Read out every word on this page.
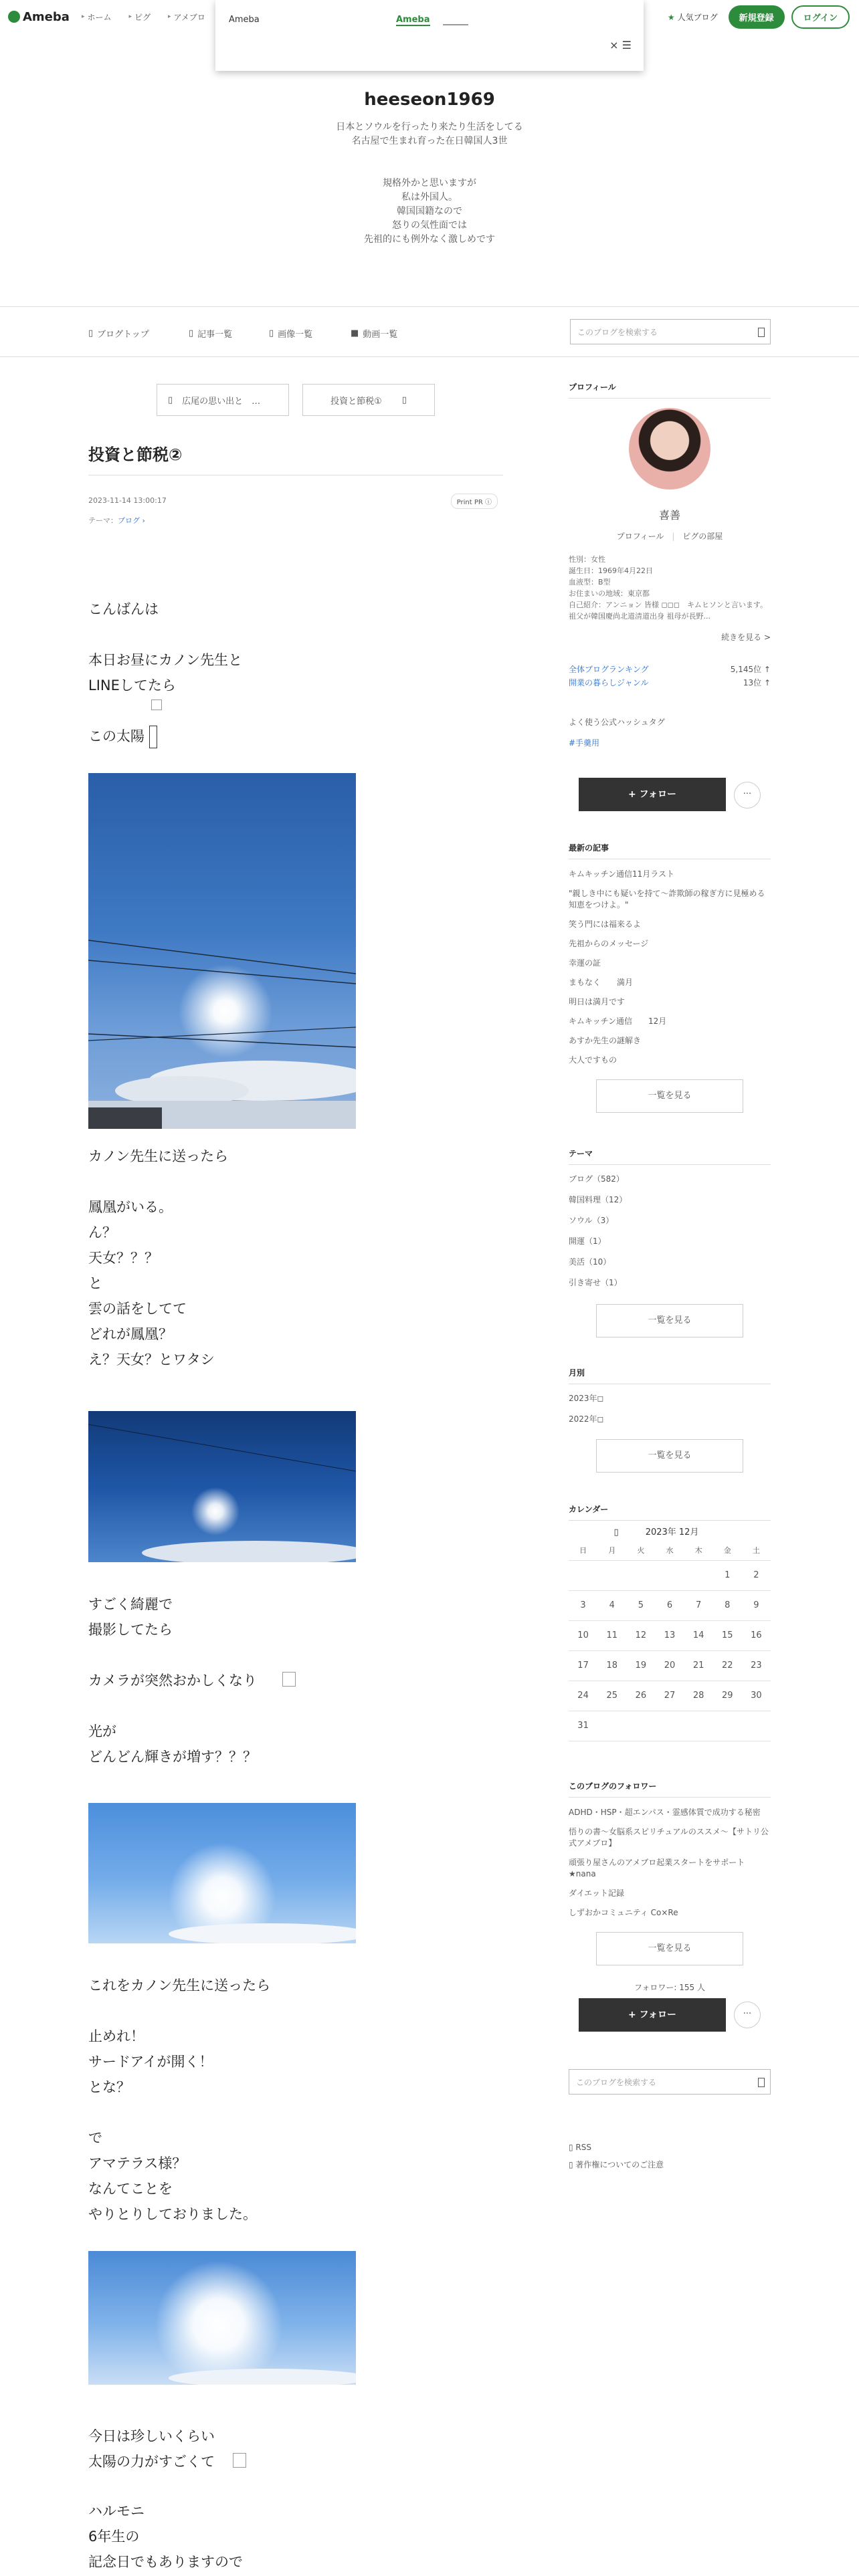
Ameba	▸ ホーム	▸ ピグ	▸ アメブロ	★ 人気ブログ	新規登録	ログイン
Ameba	Ameba
× ☰
heeseon1969
日本とソウルを行ったり来たり生活をしてる
名古屋で生まれ育った在日韓国人3世

規格外かと思いますが
私は外国人。
韓国国籍なので
怒りの気性面では
先祖的にも例外なく激しめです
▯ ブログトップ	▯ 記事一覧	▯ 画像一覧	■ 動画一覧	このブログを検索する
▯ 広尾の思い出と　…	投資と節税① ▯
投資と節税②
2023-11-14 13:00:17	Print PR ⓘ
テーマ：ブログ ›
こんばんは

本日お昼にカノン先生と
LINEしてたら
この太陽
カノン先生に送ったら

鳳凰がいる。
ん？
天女？？？
と
雲の話をしてて
どれが鳳凰？
え？天女？とワタシ
すごく綺麗で
撮影してたら

カメラが突然おかしくなり
光が
どんどん輝きが増す？？？
これをカノン先生に送ったら

止めれ！
サードアイが開く！
とな？

で
アマテラス様？
なんてことを
やりとりしておりました。
今日は珍しいくらい
太陽の力がすごくて
ハルモニ
6年生の
記念日でもありますので
プロフィール
喜善
プロフィール | ピグの部屋
性別：女性
誕生日：1969年4月22日
血液型：B型
お住まいの地域：東京都
自己紹介：アンニョン 皆様 ◻◻◻　キムヒソンと言います。 祖父が韓国慶尚北道清道出身 祖母が長野...
続きを見る >
全体ブログランキング	5,145位 ↑
開業の暮らしジャンル	13位 ↑
よく使う公式ハッシュタグ
#手羹用
+ フォロー	···
最新の記事
キムキッチン通信11月ラスト
"親しき中にも疑いを持て〜詐欺師の稼ぎ方に見極める知恵をつけよ。"
笑う門には福来るよ
先祖からのメッセージ
幸運の証
まもなく　　満月
明日は満月です
キムキッチン通信　　12月
あすか先生の謎解き
大人ですもの
一覧を見る
テーマ
ブログ（582）
韓国料理（12）
ソウル（3）
開運（1）
美活（10）
引き寄せ（1）
一覧を見る
月別
2023年◻
2022年◻
一覧を見る
カレンダー
▯	2023年 12月
日	月	火	水	木	金	土
					1	2
3	4	5	6	7	8	9
10	11	12	13	14	15	16
17	18	19	20	21	22	23
24	25	26	27	28	29	30
31						
このブログのフォロワー
ADHD・HSP・超エンパス・霊感体質で成功する秘密
悟りの書〜女脳系スピリチュアルのススメ〜【サトリ公式アメブロ】
頑張り屋さんのアメブロ起業スタートをサポート★nana
ダイエット記録
しずおかコミュニティ Co×Re
一覧を見る
フォロワー: 155 人
+ フォロー	···
このブログを検索する
▯ RSS
▯ 著作権についてのご注意
